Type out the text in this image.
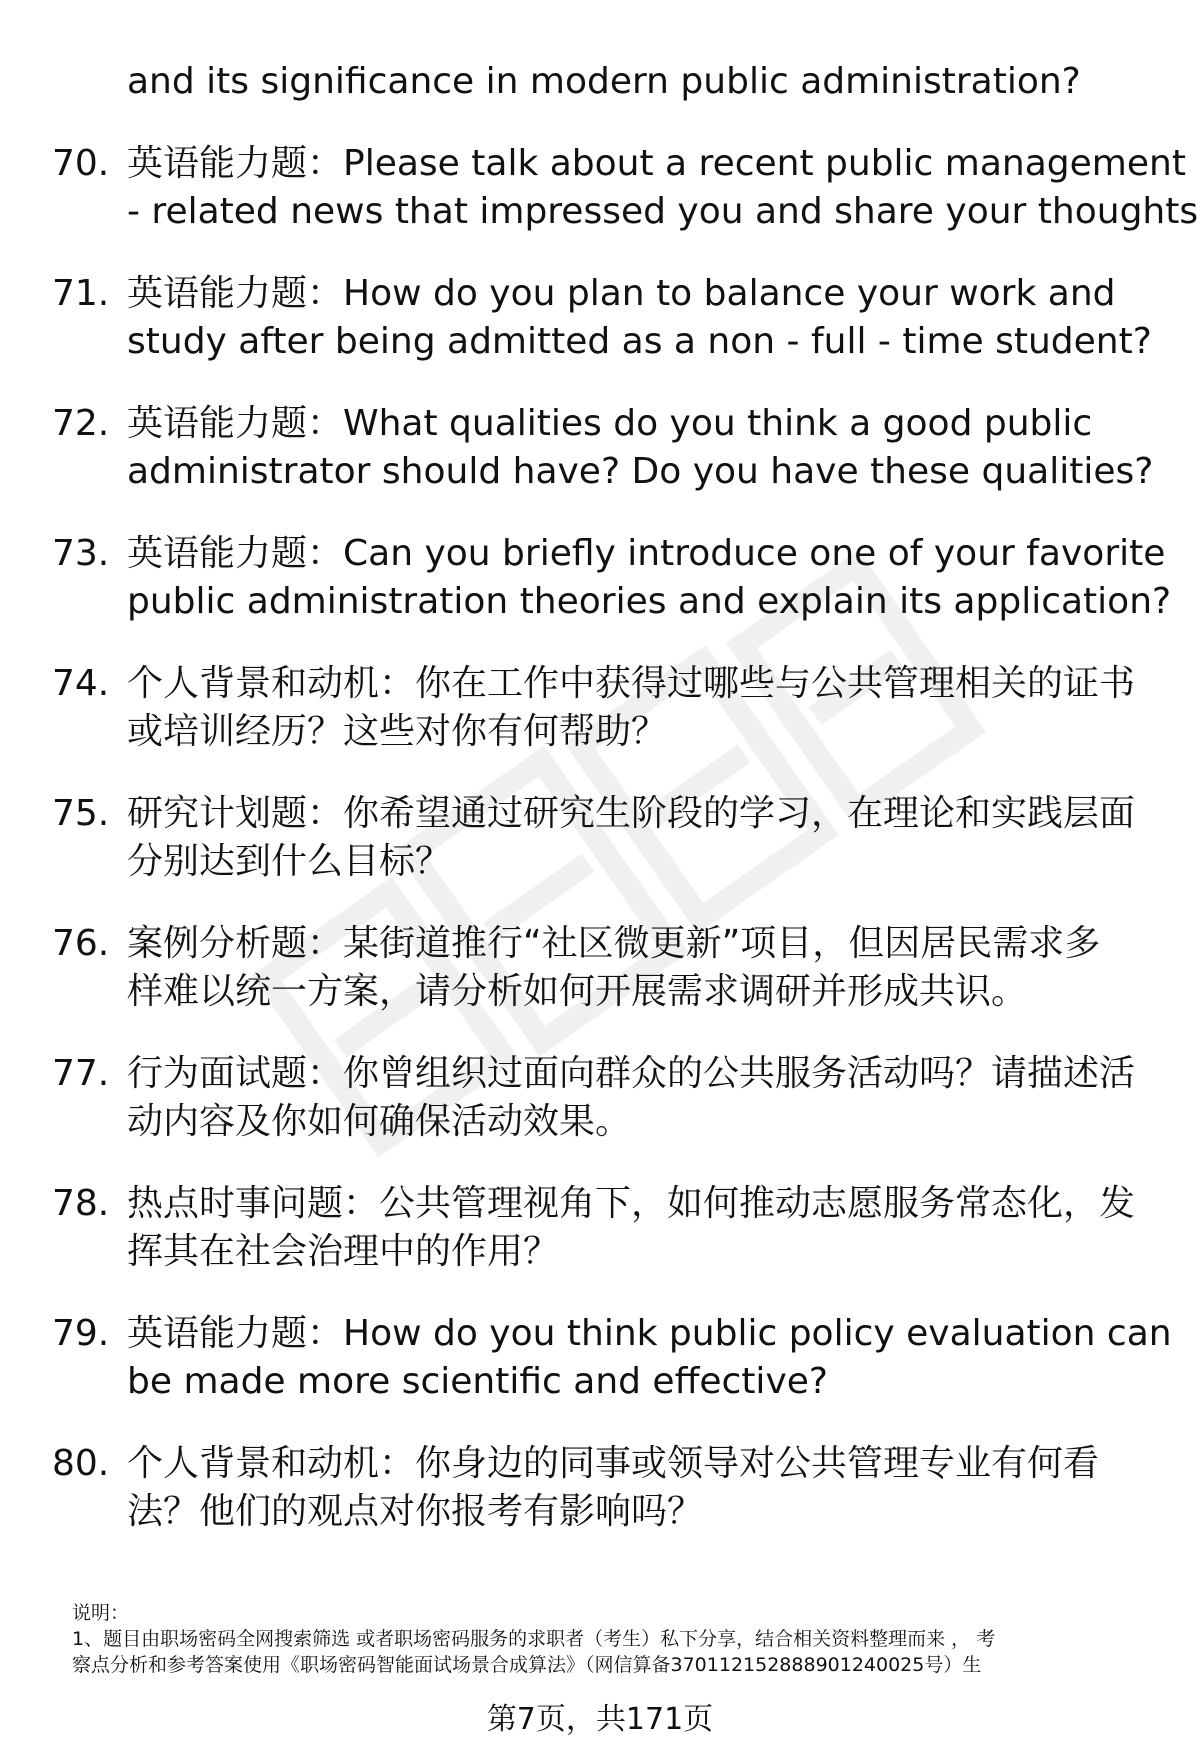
and its significance in modern public administration?
70. 英语能力题：Please talk about a recent public management
- related news that impressed you and share your thoughts
71. 英语能力题：How do you plan to balance your work and
study after being admitted as a non - full - time student?
72. 英语能力题：What qualities do you think a good public
administrator should have? Do you have these qualities?
73. 英语能力题：Can you briefly introduce one of your favorite
public administration theories and explain its application?
74. 个人背景和动机：你在工作中获得过哪些与公共管理相关的证书
或培训经历？这些对你有何帮助？
75. 研究计划题：你希望通过研究生阶段的学习，在理论和实践层面
分别达到什么目标？
76. 案例分析题：某街道推行“社区微更新”项目，但因居民需求多
样难以统一方案，请分析如何开展需求调研并形成共识。
77. 行为面试题：你曾组织过面向群众的公共服务活动吗？请描述活
动内容及你如何确保活动效果。
78. 热点时事问题：公共管理视角下，如何推动志愿服务常态化，发
挥其在社会治理中的作用？
79. 英语能力题：How do you think public policy evaluation can
be made more scientific and effective?
80. 个人背景和动机：你身边的同事或领导对公共管理专业有何看
法？他们的观点对你报考有影响吗？
说明：
1、题目由职场密码全网搜索筛选 或者职场密码服务的求职者（考生）私下分享，结合相关资料整理而来 ， 考
察点分析和参考答案使用《职场密码智能面试场景合成算法》（网信算备370112152888901240025号）生
第7页，共171页
